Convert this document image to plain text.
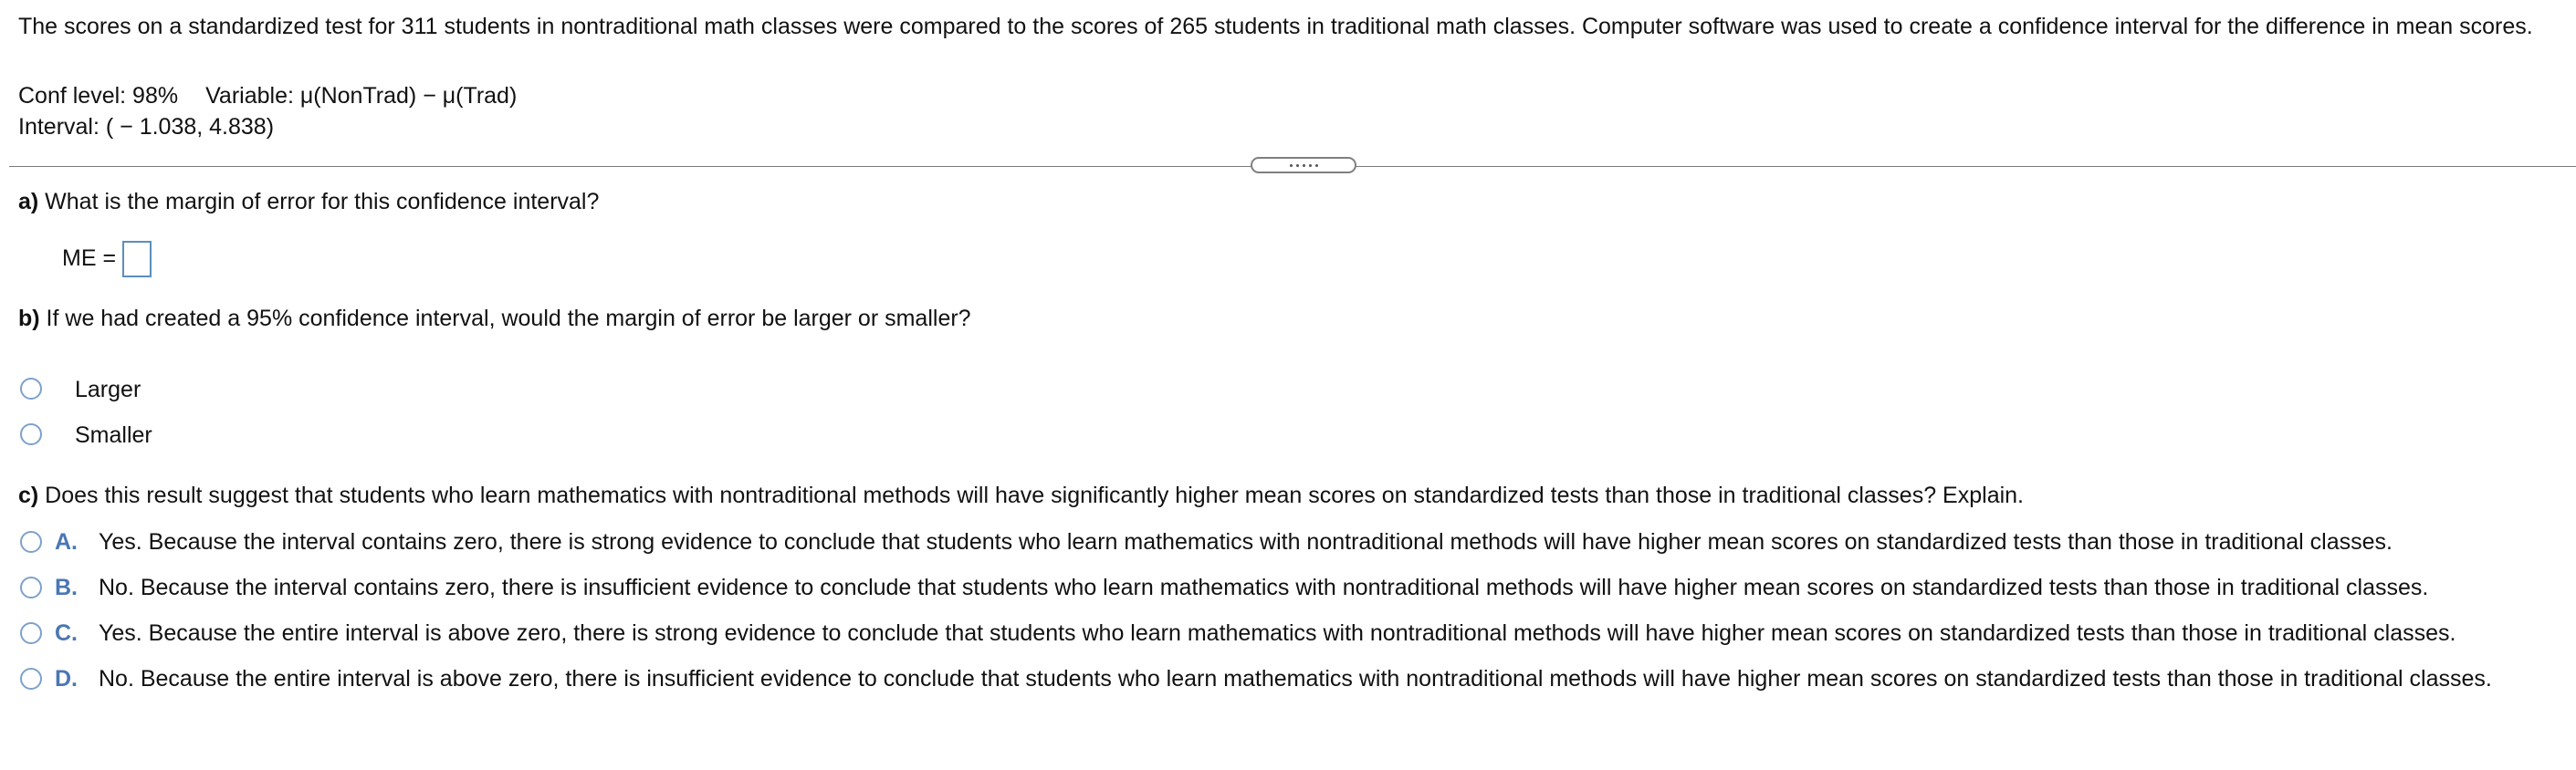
The scores on a standardized test for 311 students in nontraditional math classes were compared to the scores of 265 students in traditional math classes. Computer software was used to create a confidence interval for the difference in mean scores.
Conf level: 98% Variable: μ(NonTrad) − μ(Trad)
Interval: ( − 1.038, 4.838)
a) What is the margin of error for this confidence interval?
ME =
b) If we had created a 95% confidence interval, would the margin of error be larger or smaller?
Larger
Smaller
c) Does this result suggest that students who learn mathematics with nontraditional methods will have significantly higher mean scores on standardized tests than those in traditional classes? Explain.
A. Yes. Because the interval contains zero, there is strong evidence to conclude that students who learn mathematics with nontraditional methods will have higher mean scores on standardized tests than those in traditional classes.
B. No. Because the interval contains zero, there is insufficient evidence to conclude that students who learn mathematics with nontraditional methods will have higher mean scores on standardized tests than those in traditional classes.
C. Yes. Because the entire interval is above zero, there is strong evidence to conclude that students who learn mathematics with nontraditional methods will have higher mean scores on standardized tests than those in traditional classes.
D. No. Because the entire interval is above zero, there is insufficient evidence to conclude that students who learn mathematics with nontraditional methods will have higher mean scores on standardized tests than those in traditional classes.
